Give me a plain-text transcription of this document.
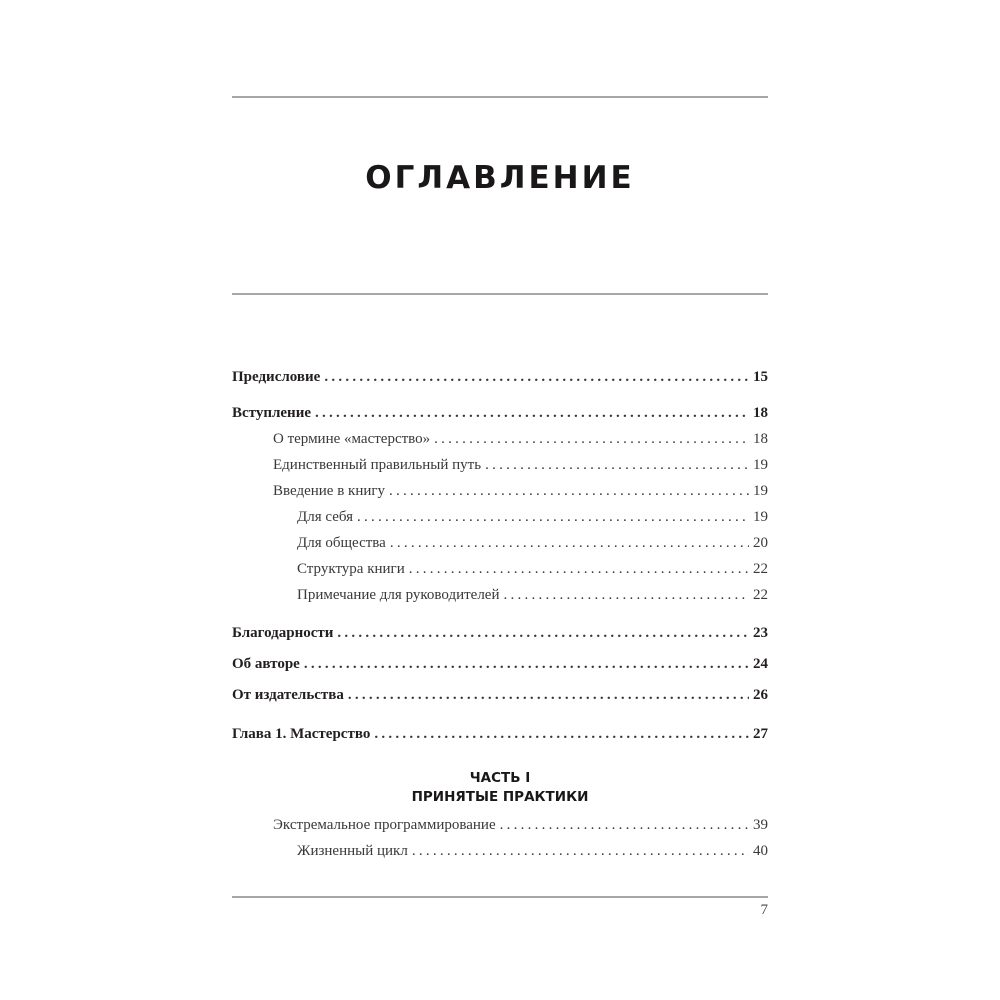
ОГЛАВЛЕНИЕ
Предисловие . . .	15
Вступление . . .	18
О термине «мастерство» . . .	18
Единственный правильный путь . . .	19
Введение в книгу . . .	19
Для себя . . .	19
Для общества . . .	20
Структура книги . . .	22
Примечание для руководителей . . .	22
Благодарности . . .	23
Об авторе . . .	24
От издательства . . .	26
Глава 1. Мастерство . . .	27
ЧАСТЬ I
ПРИНЯТЫЕ ПРАКТИКИ
Экстремальное программирование . . .	39
Жизненный цикл . . .	40
7
